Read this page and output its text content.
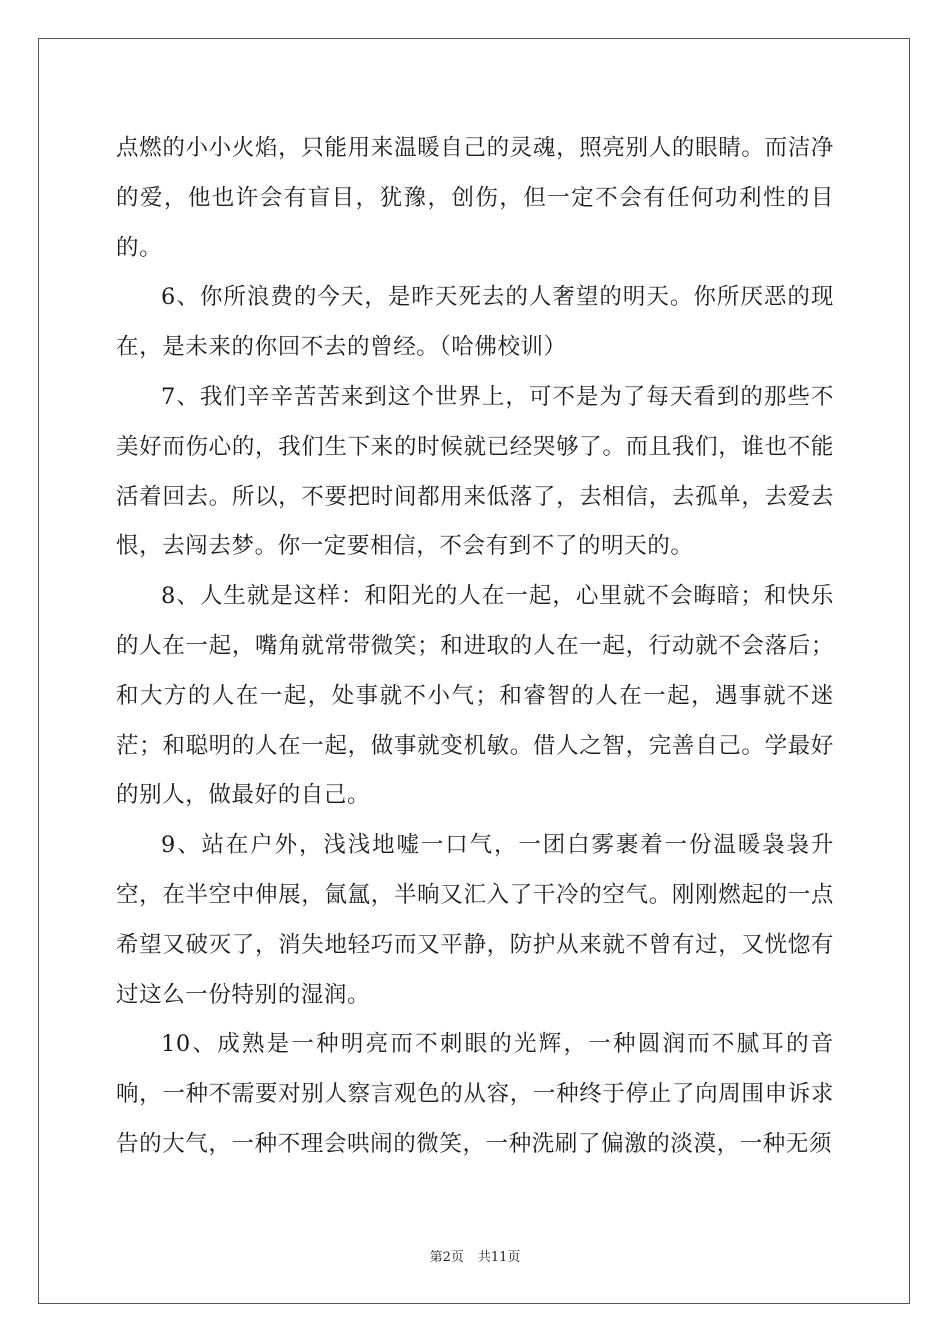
点燃的小小火焰，只能用来温暖自己的灵魂，照亮别人的眼睛。而洁净的爱，他也许会有盲目，犹豫，创伤，但一定不会有任何功利性的目的。

6、你所浪费的今天，是昨天死去的人奢望的明天。你所厌恶的现在，是未来的你回不去的曾经。（哈佛校训）

7、我们辛辛苦苦来到这个世界上，可不是为了每天看到的那些不美好而伤心的，我们生下来的时候就已经哭够了。而且我们，谁也不能活着回去。所以，不要把时间都用来低落了，去相信，去孤单，去爱去恨，去闯去梦。你一定要相信，不会有到不了的明天的。

8、人生就是这样：和阳光的人在一起，心里就不会晦暗；和快乐的人在一起，嘴角就常带微笑；和进取的人在一起，行动就不会落后；和大方的人在一起，处事就不小气；和睿智的人在一起，遇事就不迷茫；和聪明的人在一起，做事就变机敏。借人之智，完善自己。学最好的别人，做最好的自己。

9、站在户外，浅浅地嘘一口气，一团白雾裹着一份温暖袅袅升空，在半空中伸展，氤氲，半晌又汇入了干冷的空气。刚刚燃起的一点希望又破灭了，消失地轻巧而又平静，防护从来就不曾有过，又恍惚有过这么一份特别的湿润。

10、成熟是一种明亮而不刺眼的光辉，一种圆润而不腻耳的音响，一种不需要对别人察言观色的从容，一种终于停止了向周围申诉求告的大气，一种不理会哄闹的微笑，一种洗刷了偏激的淡漠，一种无须

第2页 共11页
